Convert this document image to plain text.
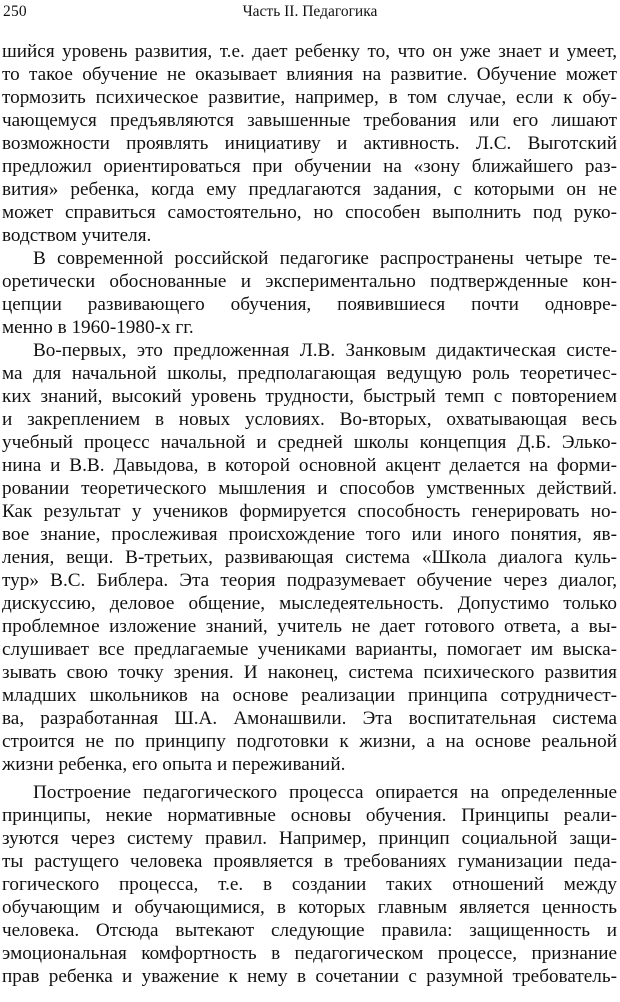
250	Часть II. Педагогика
шийся уровень развития, т.е. дает ребенку то, что он уже знает и умеет,
то такое обучение не оказывает влияния на развитие. Обучение может
тормозить психическое развитие, например, в том случае, если к обу-
чающемуся предъявляются завышенные требования или его лишают
возможности проявлять инициативу и активность. Л.С. Выготский
предложил ориентироваться при обучении на «зону ближайшего раз-
вития» ребенка, когда ему предлагаются задания, с которыми он не
может справиться самостоятельно, но способен выполнить под руко-
водством учителя.
В современной российской педагогике распространены четыре те-
оретически обоснованные и экспериментально подтвержденные кон-
цепции развивающего обучения, появившиеся почти одновре-
менно в 1960-1980-х гг.
Во-первых, это предложенная Л.В. Занковым дидактическая систе-
ма для начальной школы, предполагающая ведущую роль теоретичес-
ких знаний, высокий уровень трудности, быстрый темп с повторением
и закреплением в новых условиях. Во-вторых, охватывающая весь
учебный процесс начальной и средней школы концепция Д.Б. Элько-
нина и В.В. Давыдова, в которой основной акцент делается на форми-
ровании теоретического мышления и способов умственных действий.
Как результат у учеников формируется способность генерировать но-
вое знание, прослеживая происхождение того или иного понятия, яв-
ления, вещи. В-третьих, развивающая система «Школа диалога куль-
тур» В.С. Библера. Эта теория подразумевает обучение через диалог,
дискуссию, деловое общение, мыследеятельность. Допустимо только
проблемное изложение знаний, учитель не дает готового ответа, а вы-
слушивает все предлагаемые учениками варианты, помогает им выска-
зывать свою точку зрения. И наконец, система психического развития
младших школьников на основе реализации принципа сотрудничест-
ва, разработанная Ш.А. Амонашвили. Эта воспитательная система
строится не по принципу подготовки к жизни, а на основе реальной
жизни ребенка, его опыта и переживаний.
Построение педагогического процесса опирается на определенные
принципы, некие нормативные основы обучения. Принципы реали-
зуются через систему правил. Например, принцип социальной защи-
ты растущего человека проявляется в требованиях гуманизации педа-
гогического процесса, т.е. в создании таких отношений между
обучающим и обучающимися, в которых главным является ценность
человека. Отсюда вытекают следующие правила: защищенность и
эмоциональная комфортность в педагогическом процессе, признание
прав ребенка и уважение к нему в сочетании с разумной требователь-
